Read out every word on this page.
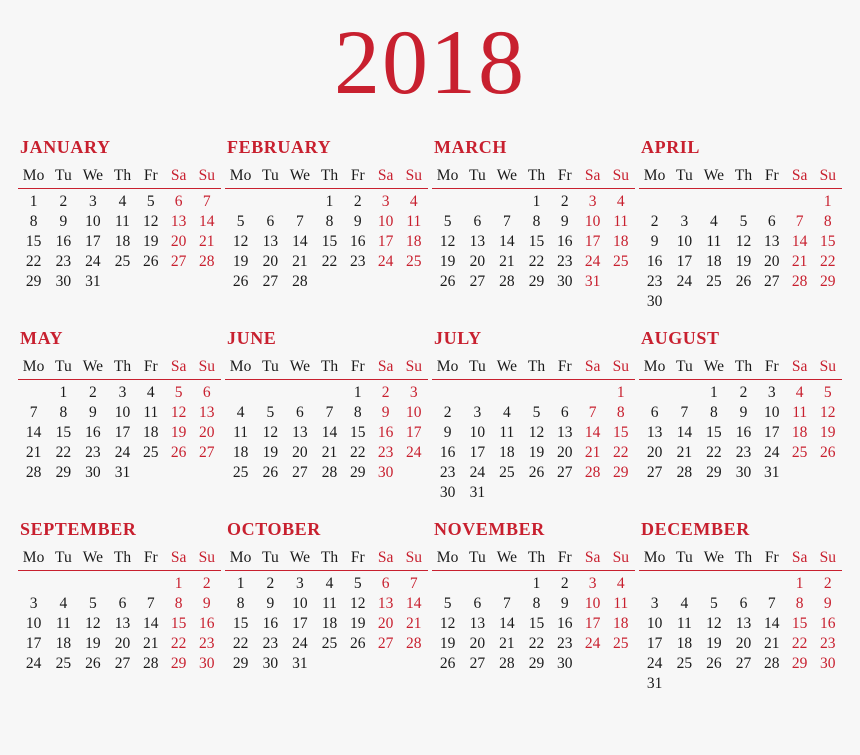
2018
JANUARY
Mo	Tu	We	Th	Fr	Sa	Su
1	2	3	4	5	6	7
8	9	10	11	12	13	14
15	16	17	18	19	20	21
22	23	24	25	26	27	28
29	30	31				
FEBRUARY
Mo	Tu	We	Th	Fr	Sa	Su
			1	2	3	4
5	6	7	8	9	10	11
12	13	14	15	16	17	18
19	20	21	22	23	24	25
26	27	28				
MARCH
Mo	Tu	We	Th	Fr	Sa	Su
			1	2	3	4
5	6	7	8	9	10	11
12	13	14	15	16	17	18
19	20	21	22	23	24	25
26	27	28	29	30	31	
APRIL
Mo	Tu	We	Th	Fr	Sa	Su
						1
2	3	4	5	6	7	8
9	10	11	12	13	14	15
16	17	18	19	20	21	22
23	24	25	26	27	28	29
30						
MAY
Mo	Tu	We	Th	Fr	Sa	Su
	1	2	3	4	5	6
7	8	9	10	11	12	13
14	15	16	17	18	19	20
21	22	23	24	25	26	27
28	29	30	31			
JUNE
Mo	Tu	We	Th	Fr	Sa	Su
				1	2	3
4	5	6	7	8	9	10
11	12	13	14	15	16	17
18	19	20	21	22	23	24
25	26	27	28	29	30	
JULY
Mo	Tu	We	Th	Fr	Sa	Su
						1
2	3	4	5	6	7	8
9	10	11	12	13	14	15
16	17	18	19	20	21	22
23	24	25	26	27	28	29
30	31					
AUGUST
Mo	Tu	We	Th	Fr	Sa	Su
		1	2	3	4	5
6	7	8	9	10	11	12
13	14	15	16	17	18	19
20	21	22	23	24	25	26
27	28	29	30	31		
SEPTEMBER
Mo	Tu	We	Th	Fr	Sa	Su
					1	2
3	4	5	6	7	8	9
10	11	12	13	14	15	16
17	18	19	20	21	22	23
24	25	26	27	28	29	30
OCTOBER
Mo	Tu	We	Th	Fr	Sa	Su
1	2	3	4	5	6	7
8	9	10	11	12	13	14
15	16	17	18	19	20	21
22	23	24	25	26	27	28
29	30	31				
NOVEMBER
Mo	Tu	We	Th	Fr	Sa	Su
			1	2	3	4
5	6	7	8	9	10	11
12	13	14	15	16	17	18
19	20	21	22	23	24	25
26	27	28	29	30		
DECEMBER
Mo	Tu	We	Th	Fr	Sa	Su
					1	2
3	4	5	6	7	8	9
10	11	12	13	14	15	16
17	18	19	20	21	22	23
24	25	26	27	28	29	30
31						
